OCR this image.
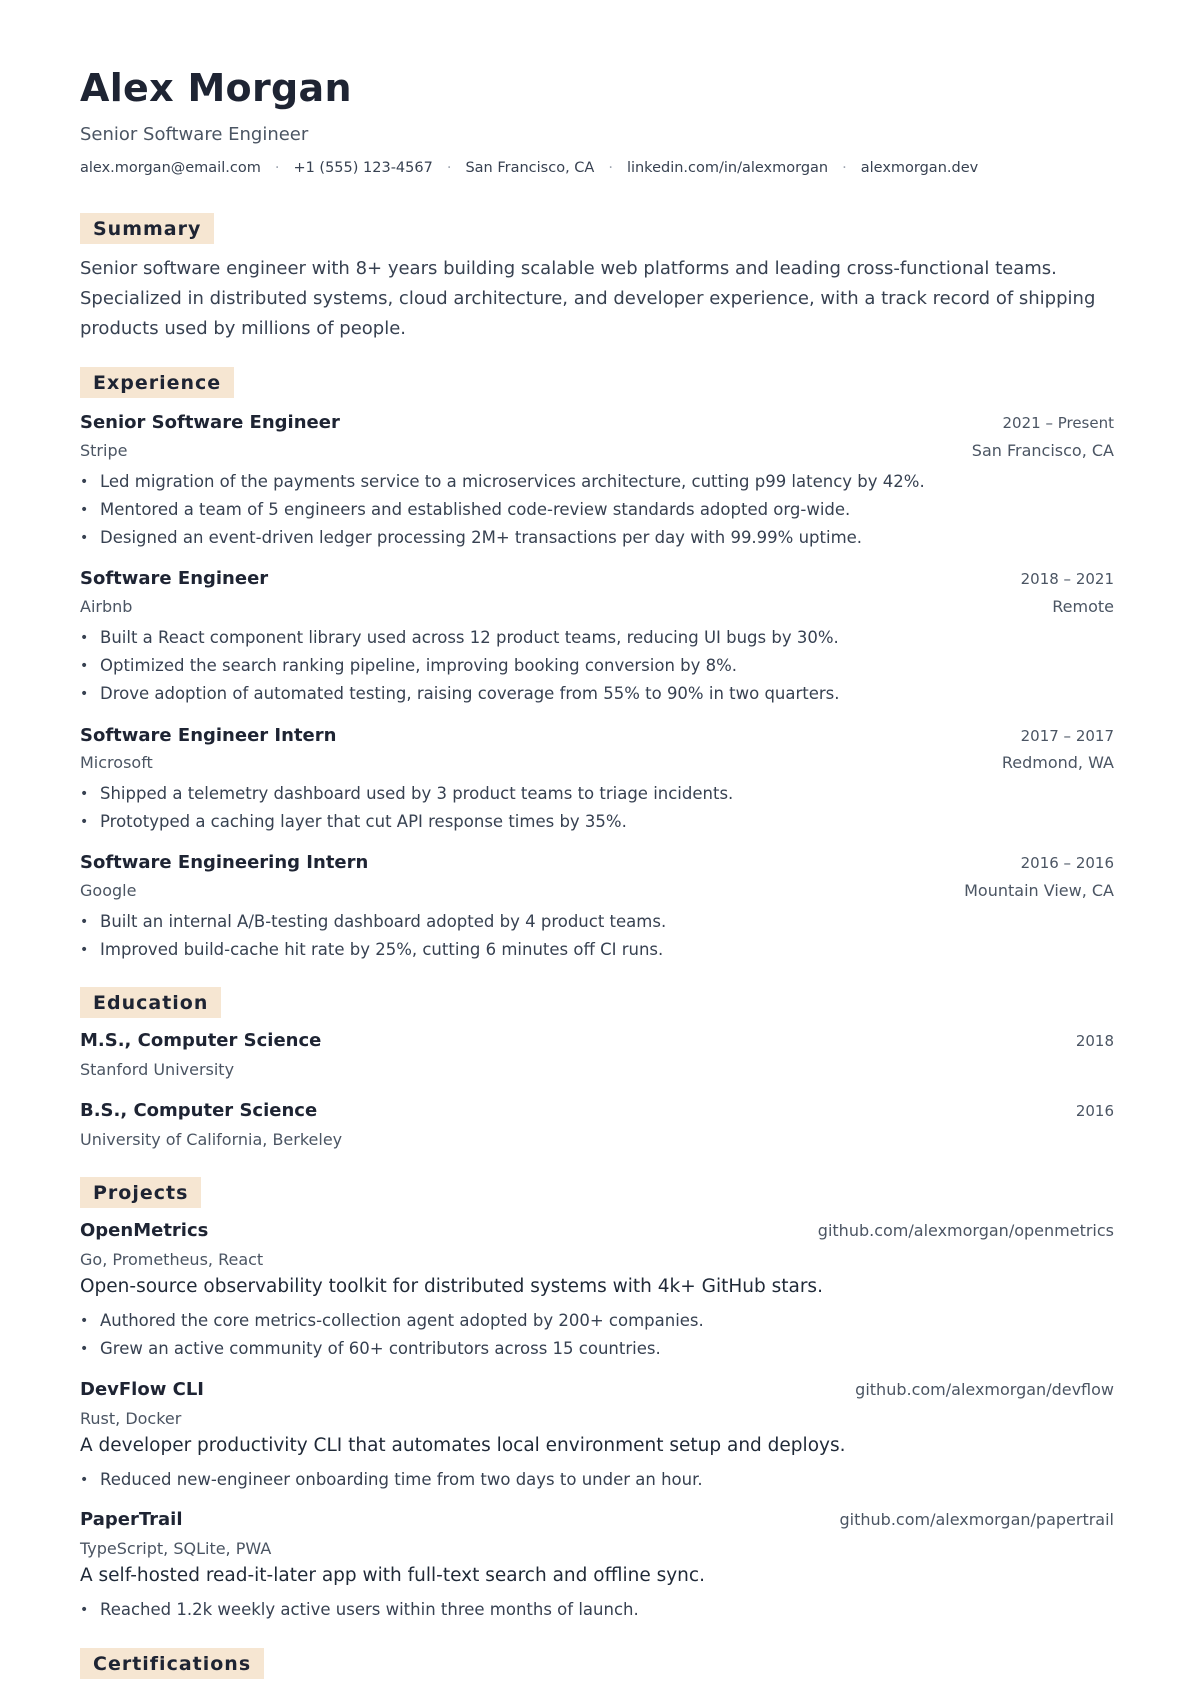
Alex Morgan
Senior Software Engineer
alex.morgan@email.com · +1 (555) 123-4567 · San Francisco, CA · linkedin.com/in/alexmorgan · alexmorgan.dev
Summary

Senior software engineer with 8+ years building scalable web platforms and leading cross-functional teams. Specialized in distributed systems, cloud architecture, and developer experience, with a track record of shipping products used by millions of people.

Experience
Senior Software Engineer	2021 – Present
Stripe	San Francisco, CA
• Led migration of the payments service to a microservices architecture, cutting p99 latency by 42%.
• Mentored a team of 5 engineers and established code-review standards adopted org-wide.
• Designed an event-driven ledger processing 2M+ transactions per day with 99.99% uptime.
Software Engineer	2018 – 2021
Airbnb	Remote
• Built a React component library used across 12 product teams, reducing UI bugs by 30%.
• Optimized the search ranking pipeline, improving booking conversion by 8%.
• Drove adoption of automated testing, raising coverage from 55% to 90% in two quarters.
Software Engineer Intern	2017 – 2017
Microsoft	Redmond, WA
• Shipped a telemetry dashboard used by 3 product teams to triage incidents.
• Prototyped a caching layer that cut API response times by 35%.
Software Engineering Intern	2016 – 2016
Google	Mountain View, CA
• Built an internal A/B-testing dashboard adopted by 4 product teams.
• Improved build-cache hit rate by 25%, cutting 6 minutes off CI runs.
Education
M.S., Computer Science	2018
Stanford University
B.S., Computer Science	2016
University of California, Berkeley
Projects
OpenMetrics	github.com/alexmorgan/openmetrics
Go, Prometheus, React
Open-source observability toolkit for distributed systems with 4k+ GitHub stars.
• Authored the core metrics-collection agent adopted by 200+ companies.
• Grew an active community of 60+ contributors across 15 countries.
DevFlow CLI	github.com/alexmorgan/devflow
Rust, Docker
A developer productivity CLI that automates local environment setup and deploys.
• Reduced new-engineer onboarding time from two days to under an hour.
PaperTrail	github.com/alexmorgan/papertrail
TypeScript, SQLite, PWA
A self-hosted read-it-later app with full-text search and offline sync.
• Reached 1.2k weekly active users within three months of launch.
Certifications
